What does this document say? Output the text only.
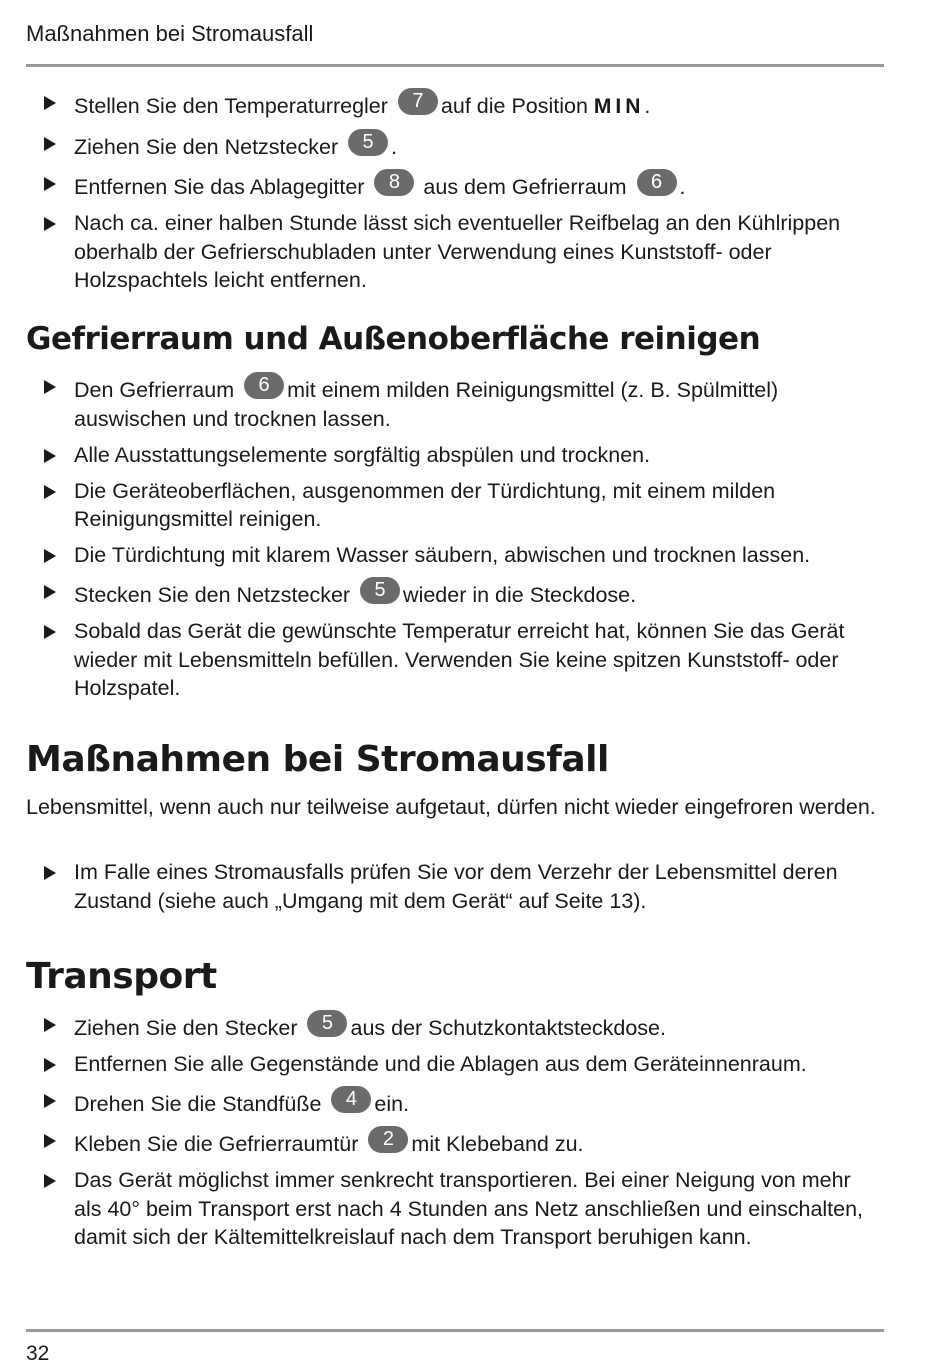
Maßnahmen bei Stromausfall
Stellen Sie den Temperaturregler 7 auf die Position MIN.
Ziehen Sie den Netzstecker 5 .
Entfernen Sie das Ablagegitter 8 aus dem Gefrierraum 6 .
Nach ca. einer halben Stunde lässt sich eventueller Reifbelag an den Kühlrippen oberhalb der Gefrierschubladen unter Verwendung eines Kunststoff- oder Holzspachtels leicht entfernen.
Gefrierraum und Außenoberfläche reinigen
Den Gefrierraum 6 mit einem milden Reinigungsmittel (z. B. Spülmittel) auswischen und trocknen lassen.
Alle Ausstattungselemente sorgfältig abspülen und trocknen.
Die Geräteoberflächen, ausgenommen der Türdichtung, mit einem milden Reinigungsmittel reinigen.
Die Türdichtung mit klarem Wasser säubern, abwischen und trocknen lassen.
Stecken Sie den Netzstecker 5 wieder in die Steckdose.
Sobald das Gerät die gewünschte Temperatur erreicht hat, können Sie das Gerät wieder mit Lebensmitteln befüllen. Verwenden Sie keine spitzen Kunststoff- oder Holzspatel.
Maßnahmen bei Stromausfall

Lebensmittel, wenn auch nur teilweise aufgetaut, dürfen nicht wieder eingefroren werden.

Im Falle eines Stromausfalls prüfen Sie vor dem Verzehr der Lebensmittel deren Zustand (siehe auch „Umgang mit dem Gerät“ auf Seite 13).
Transport
Ziehen Sie den Stecker 5 aus der Schutzkontaktsteckdose.
Entfernen Sie alle Gegenstände und die Ablagen aus dem Geräteinnenraum.
Drehen Sie die Standfüße 4 ein.
Kleben Sie die Gefrierraumtür 2 mit Klebeband zu.
Das Gerät möglichst immer senkrecht transportieren. Bei einer Neigung von mehr als 40° beim Transport erst nach 4 Stunden ans Netz anschließen und einschalten, damit sich der Kältemittelkreislauf nach dem Transport beruhigen kann.
32
